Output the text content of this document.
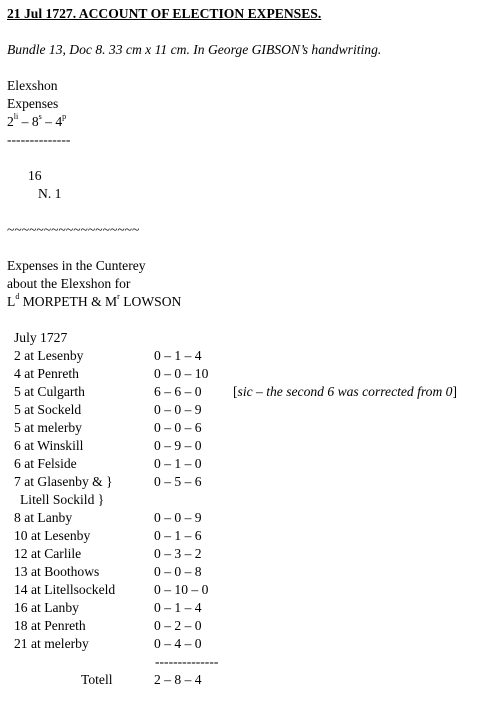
21 Jul 1727. ACCOUNT OF ELECTION EXPENSES.
Bundle 13, Doc 8. 33 cm x 11 cm. In George GIBSON’s handwriting.
Elexshon
Expenses
$2^{li} - 8^s - 4^p$
--------------
16
N. 1
~~~~~~~~~~~~~~~~~~
Expenses in the Cunterey
about the Elexshon for
$L^d$ MORPETH & $M^r$ LOWSON
July 1727
2 at Lesenby	0 – 1 – 4
4 at Penreth	0 – 0 – 10
5 at Culgarth	6 – 6 – 0 [sic – the second 6 was corrected from 0]
5 at Sockeld	0 – 0 – 9
5 at melerby	0 – 0 – 6
6 at Winskill	0 – 9 – 0
6 at Felside	0 – 1 – 0
7 at Glasenby & }	0 – 5 – 6
Litell Sockild }
8 at Lanby	0 – 0 – 9
10 at Lesenby	0 – 1 – 6
12 at Carlile	0 – 3 – 2
13 at Boothows	0 – 0 – 8
14 at Litellsockeld	0 – 10 – 0
16 at Lanby	0 – 1 – 4
18 at Penreth	0 – 2 – 0
21 at melerby	0 – 4 – 0
--------------
Totell	2 – 8 – 4
